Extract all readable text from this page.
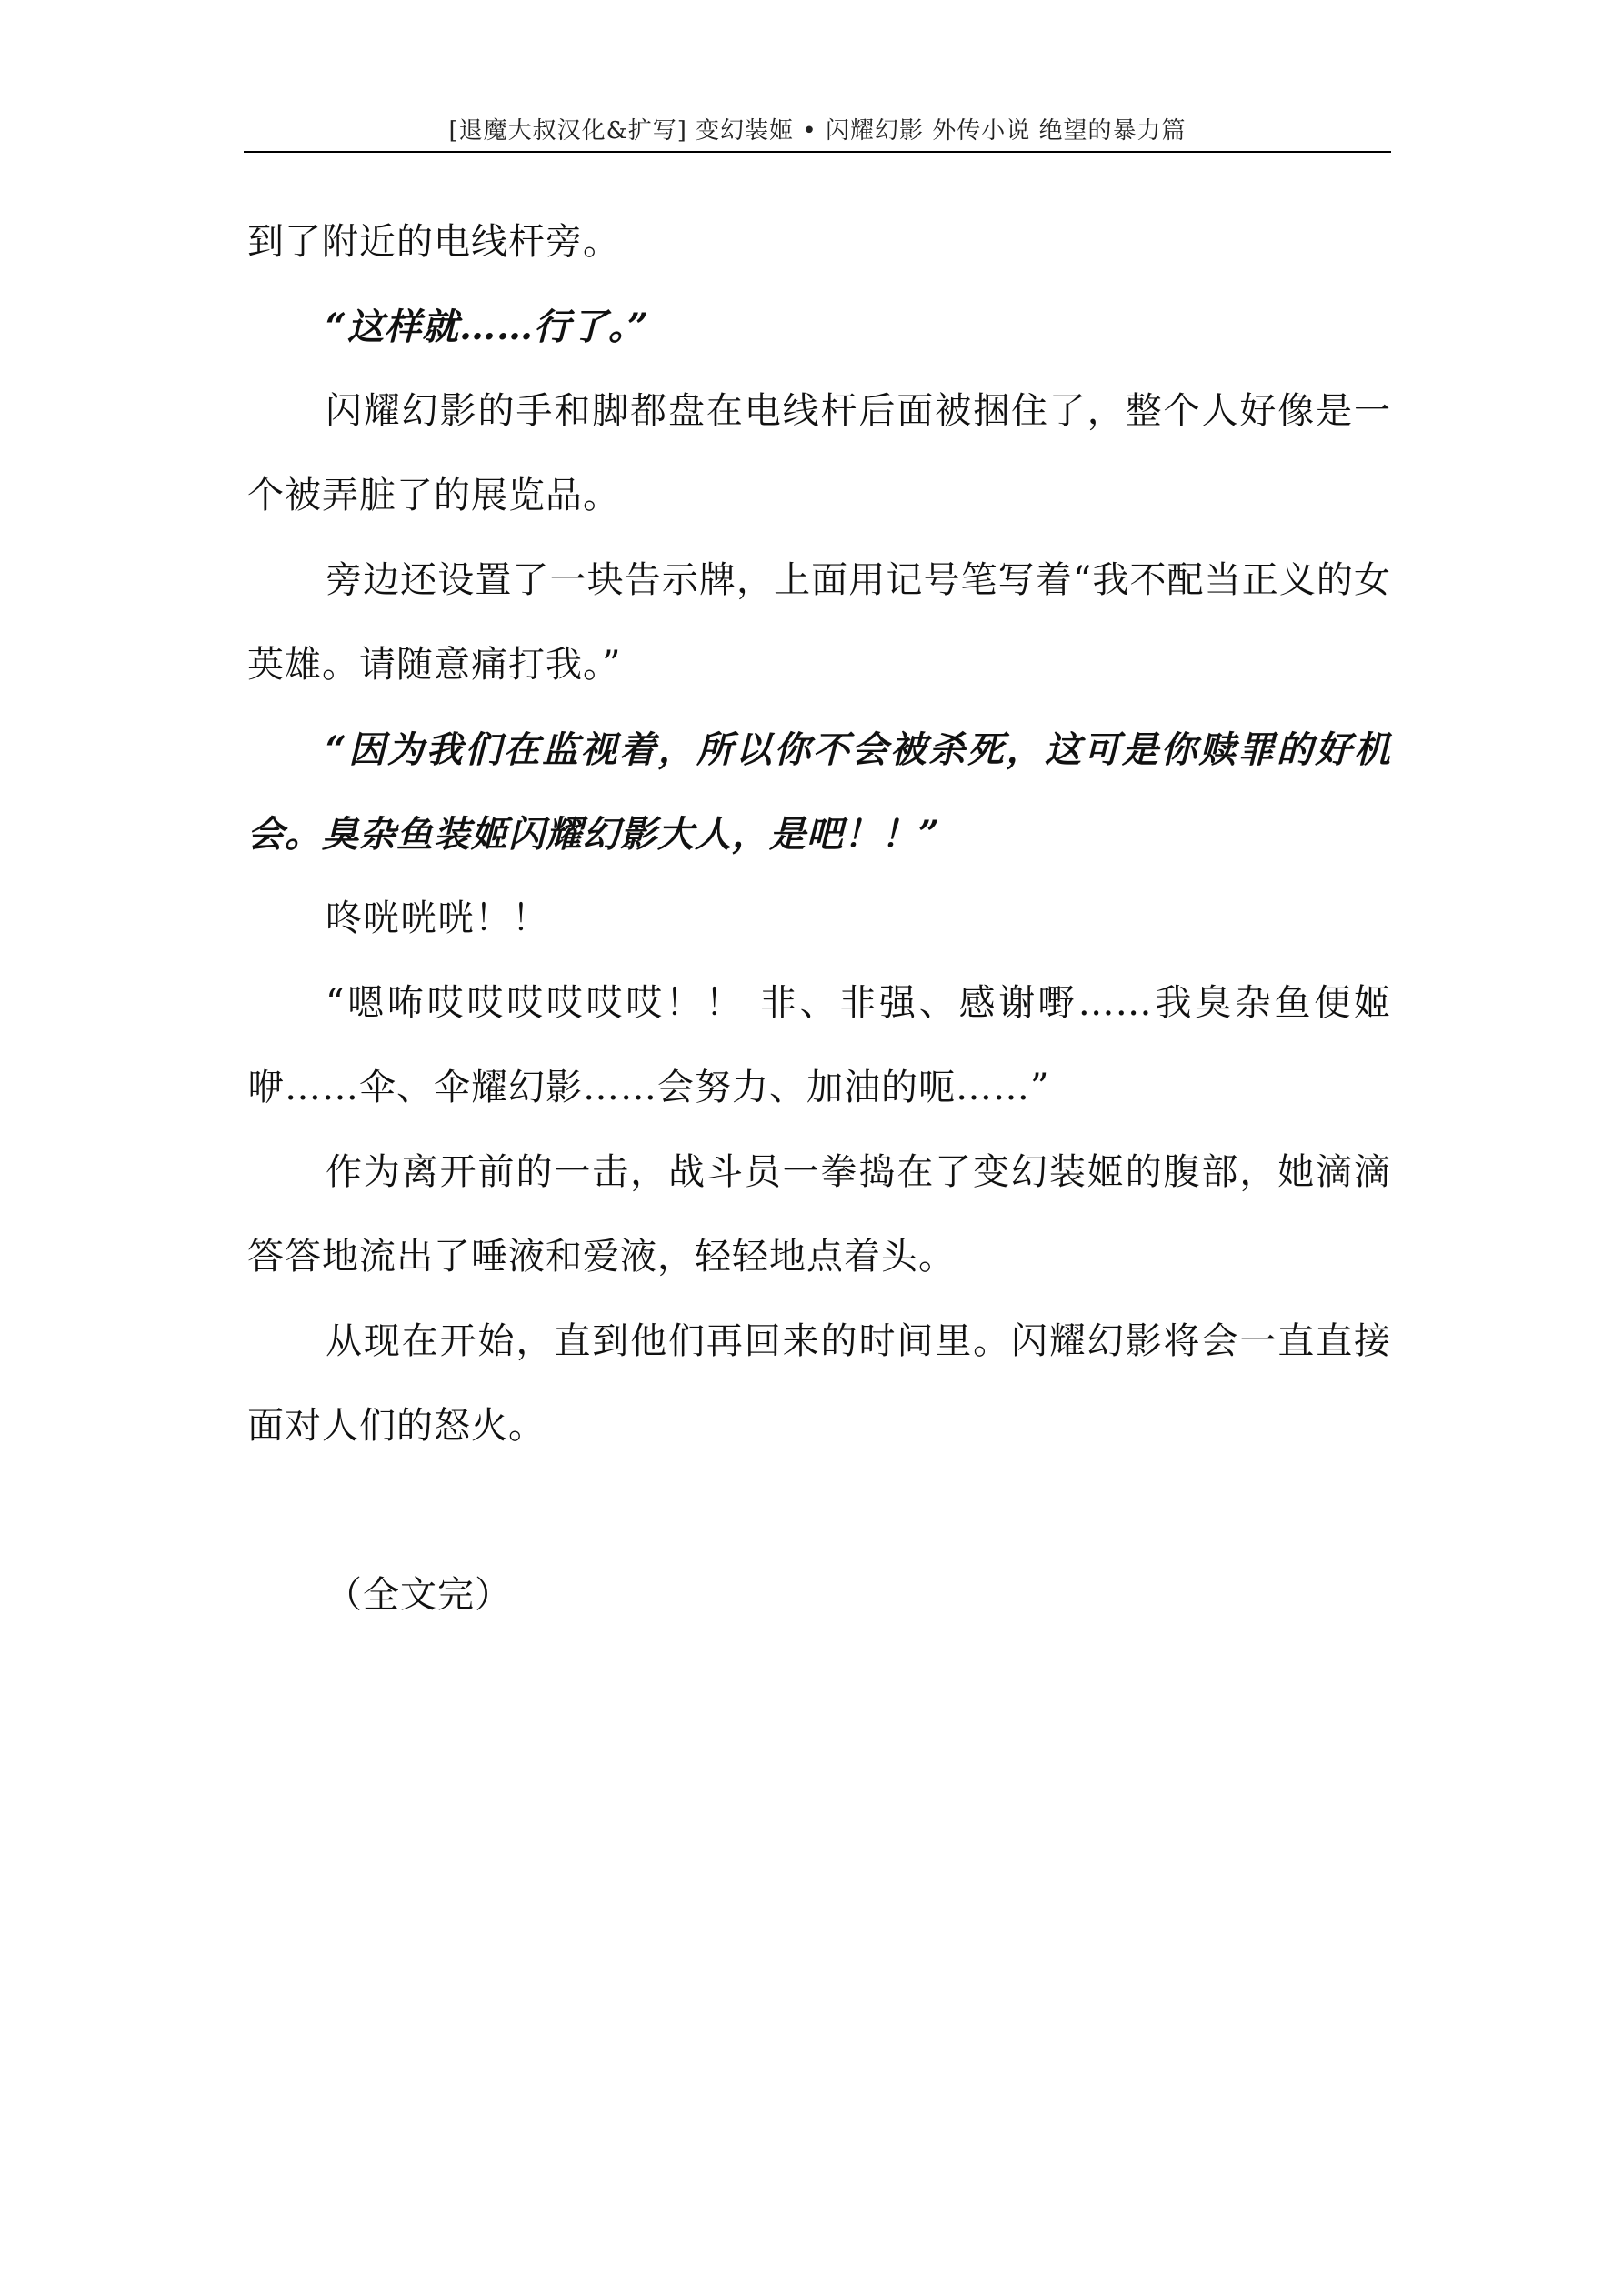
[退魔大叔汉化&扩写] 变幻装姬 • 闪耀幻影 外传小说 绝望的暴力篇

到了附近的电线杆旁。

“这样就……行了。”

闪耀幻影的手和脚都盘在电线杆后面被捆住了，整个人好像是一个被弄脏了的展览品。

旁边还设置了一块告示牌，上面用记号笔写着“我不配当正义的女英雄。请随意痛打我。”

“因为我们在监视着，所以你不会被杀死，这可是你赎罪的好机会。臭杂鱼装姬闪耀幻影大人，是吧！！”

咚咣咣咣！！

“嗯咘哎哎哎哎哎哎！！ 非、非强、感谢嘢……我臭杂鱼便姬咿……伞、伞耀幻影……会努力、加油的呃……”

作为离开前的一击，战斗员一拳捣在了变幻装姬的腹部，她滴滴答答地流出了唾液和爱液，轻轻地点着头。

从现在开始，直到他们再回来的时间里。闪耀幻影将会一直直接面对人们的怒火。

（全文完）
